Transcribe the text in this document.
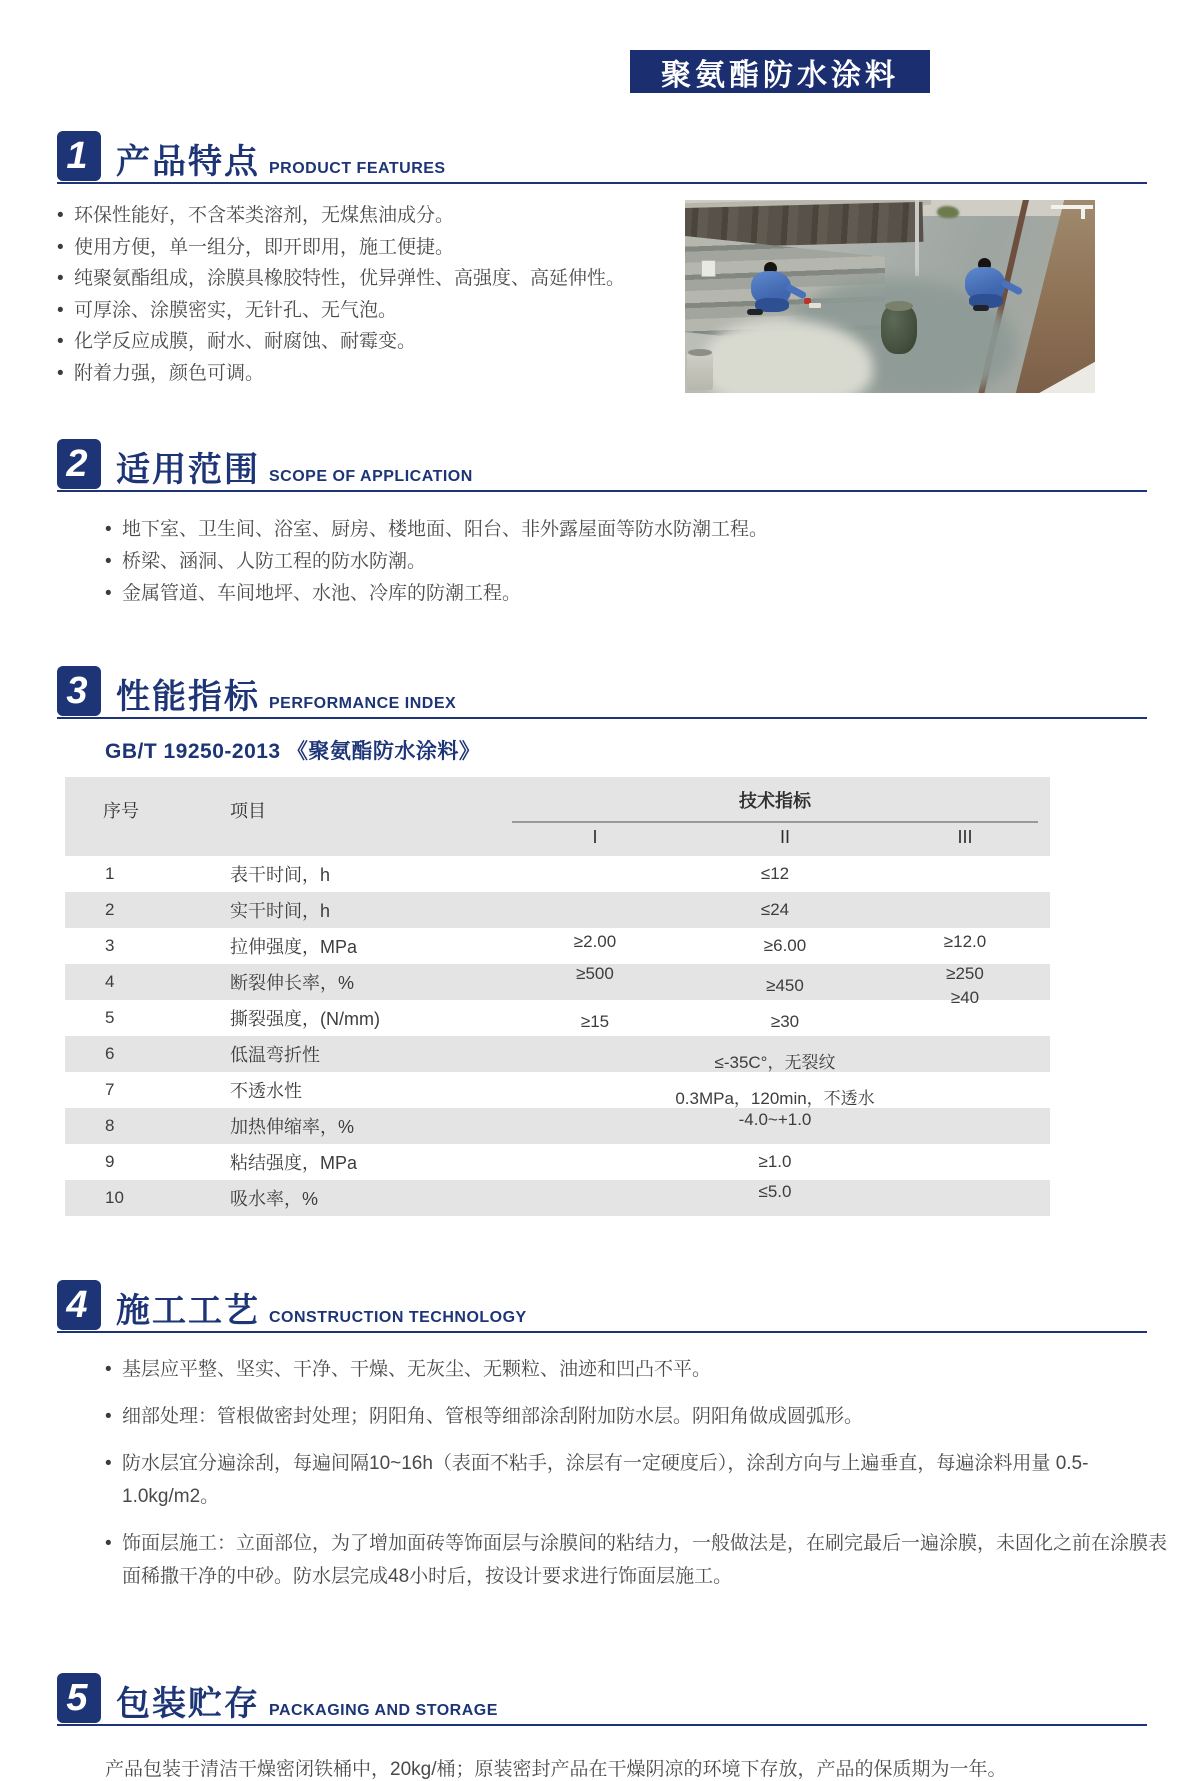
聚氨酯防水涂料
1 产品特点 PRODUCT FEATURES
• 环保性能好，不含苯类溶剂，无煤焦油成分。
• 使用方便，单一组分，即开即用，施工便捷。
• 纯聚氨酯组成，涂膜具橡胶特性，优异弹性、高强度、高延伸性。
• 可厚涂、涂膜密实，无针孔、无气泡。
• 化学反应成膜，耐水、耐腐蚀、耐霉变。
• 附着力强，颜色可调。
2 适用范围 SCOPE OF APPLICATION
• 地下室、卫生间、浴室、厨房、楼地面、阳台、非外露屋面等防水防潮工程。
• 桥梁、涵洞、人防工程的防水防潮。
• 金属管道、车间地坪、水池、冷库的防潮工程。
3 性能指标 PERFORMANCE INDEX
GB/T 19250-2013 《聚氨酯防水涂料》
序号	项目	技术指标		

		I	II	III
1	表干时间，h	≤12		
2	实干时间，h	≤24		
3	拉伸强度，MPa	≥2.00	≥6.00	≥12.0
4	断裂伸长率，%	≥500	≥450	≥250
5	撕裂强度，(N/mm)	≥15	≥30	≥40
6	低温弯折性	≤-35C°，无裂纹		
7	不透水性	0.3MPa，120min，不透水		
8	加热伸缩率，%	-4.0~+1.0		
9	粘结强度，MPa	≥1.0		
10	吸水率，%	≤5.0		
4 施工工艺 CONSTRUCTION TECHNOLOGY
• 基层应平整、坚实、干净、干燥、无灰尘、无颗粒、油迹和凹凸不平。
• 细部处理：管根做密封处理；阴阳角、管根等细部涂刮附加防水层。阴阳角做成圆弧形。
• 防水层宜分遍涂刮，每遍间隔10~16h（表面不粘手，涂层有一定硬度后），涂刮方向与上遍垂直，每遍涂料用量 0.5-1.0kg/m2。
• 饰面层施工：立面部位，为了增加面砖等饰面层与涂膜间的粘结力，一般做法是，在刷完最后一遍涂膜，未固化之前在涂膜表面稀撒干净的中砂。防水层完成48小时后，按设计要求进行饰面层施工。
5 包装贮存 PACKAGING AND STORAGE

产品包装于清洁干燥密闭铁桶中，20kg/桶；原装密封产品在干燥阴凉的环境下存放，产品的保质期为一年。
